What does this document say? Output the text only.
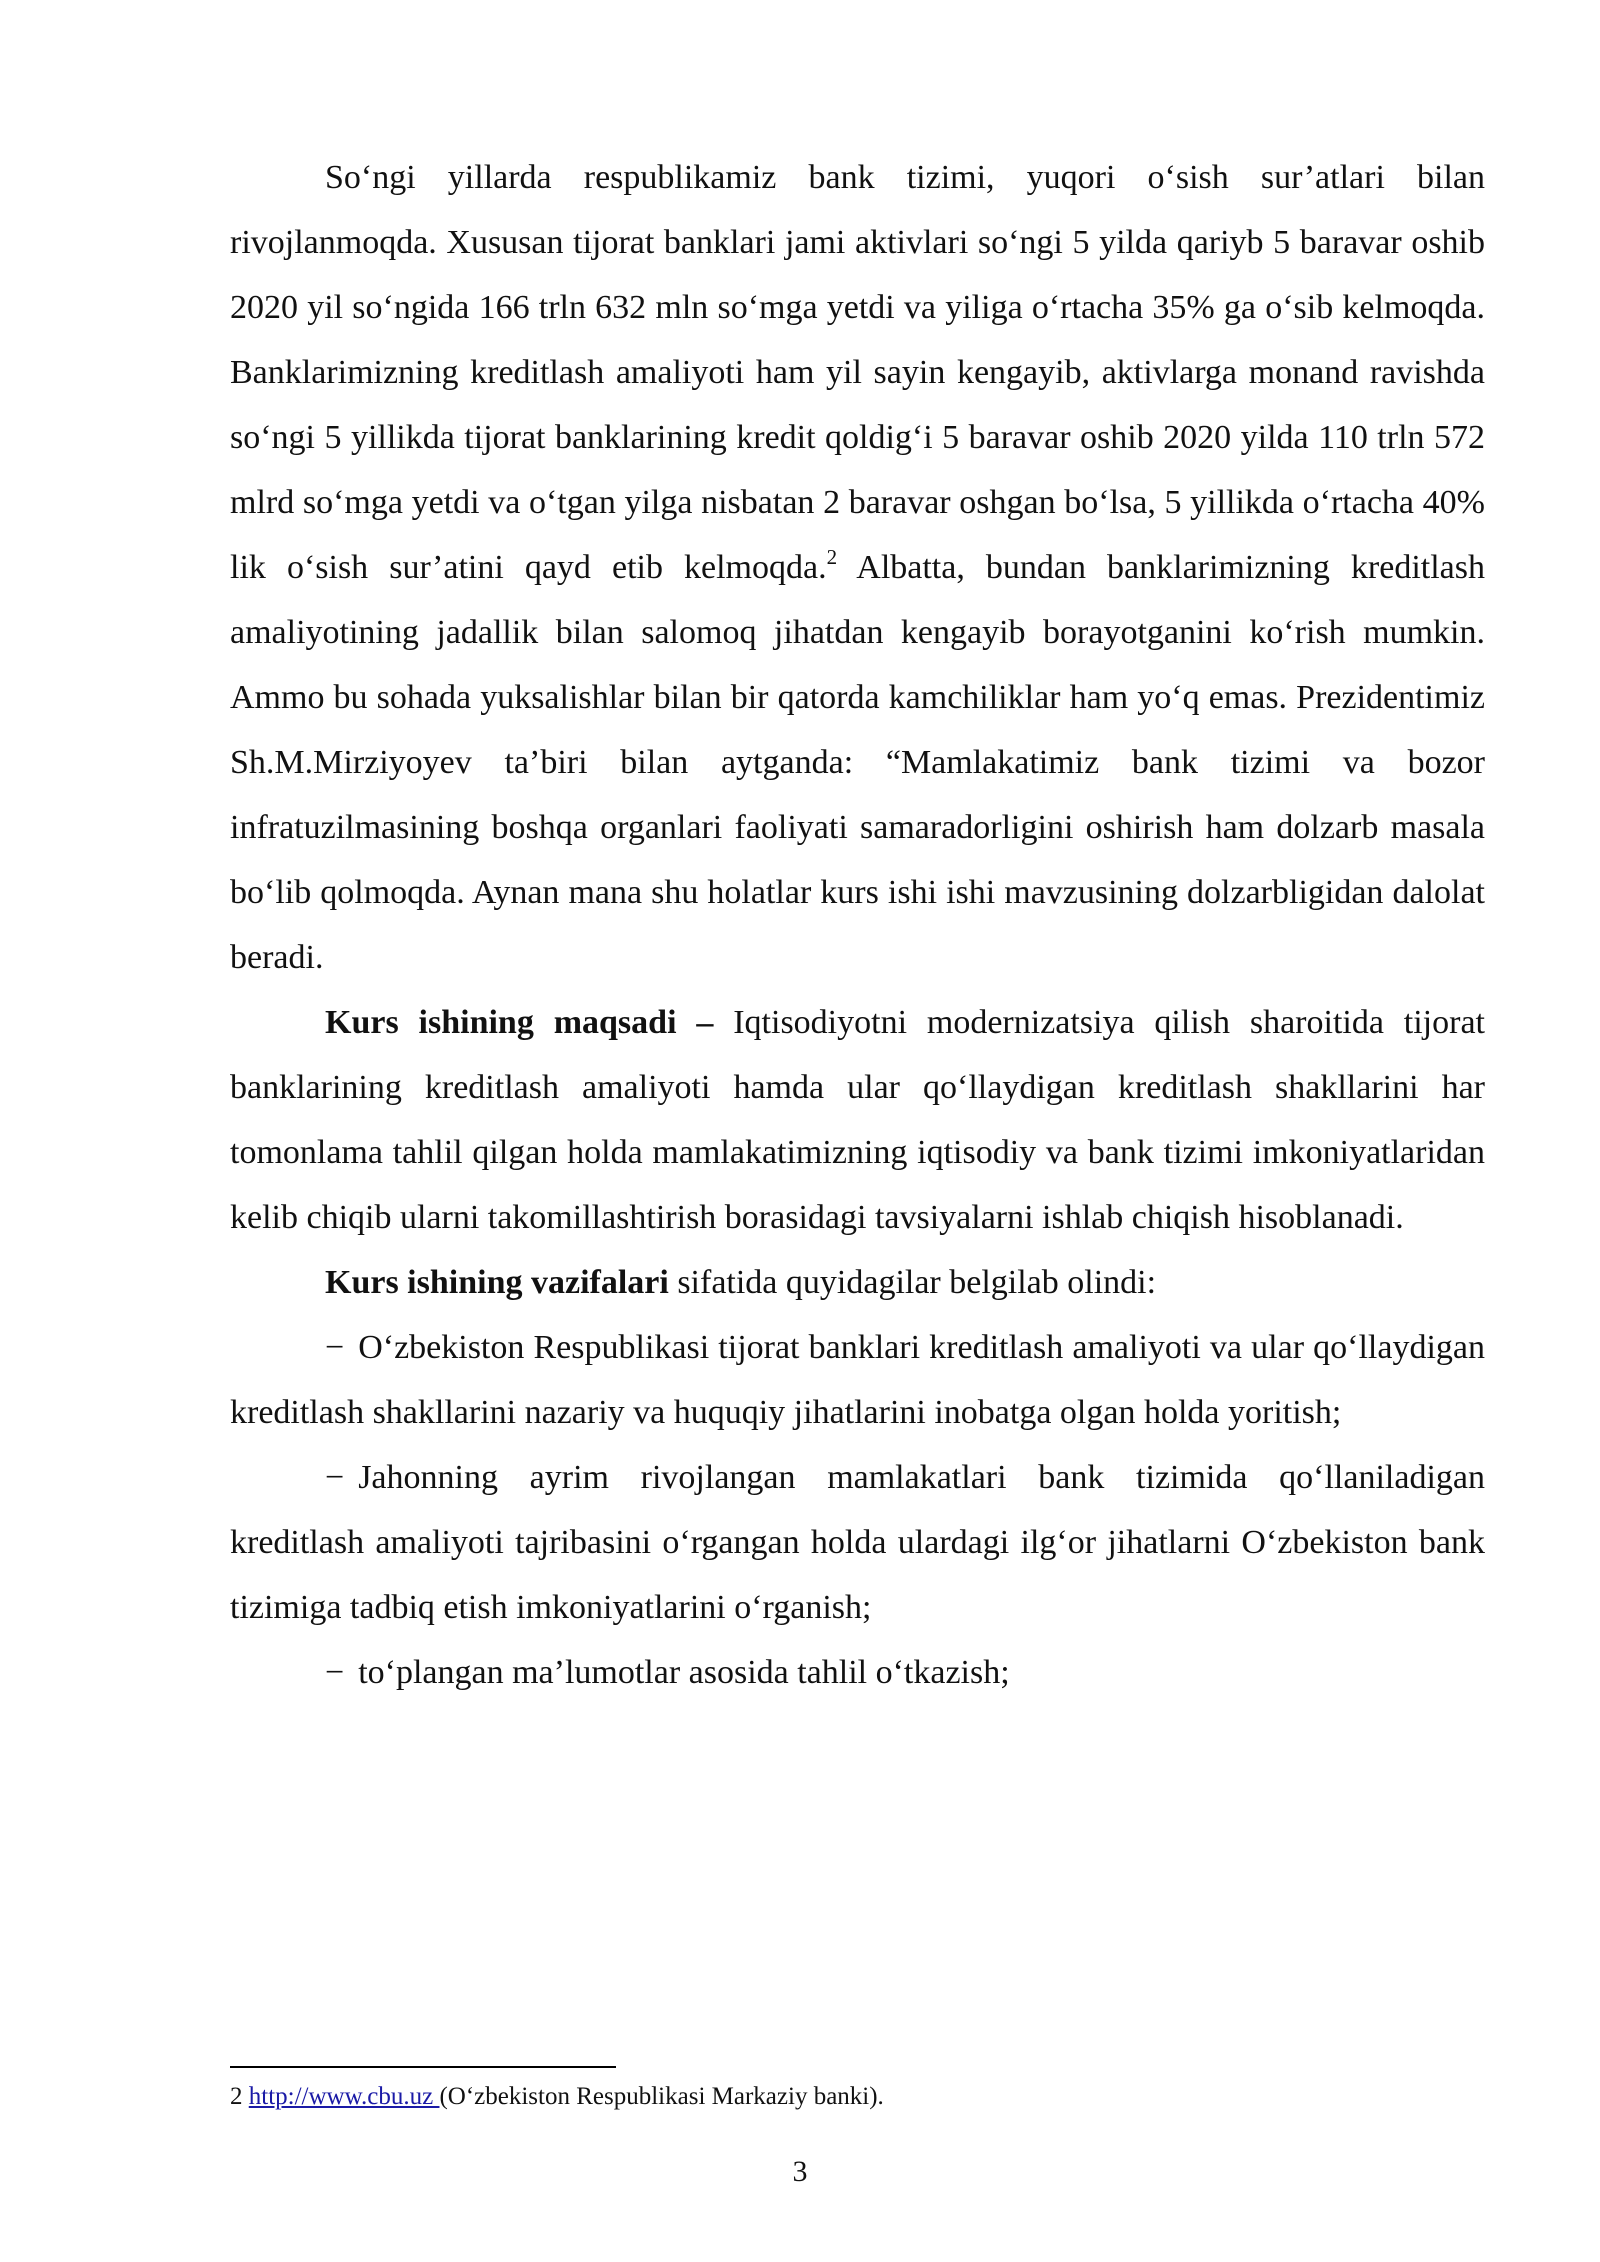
So‘ngi yillarda respublikamiz bank tizimi, yuqori o‘sish sur’atlari bilan rivojlanmoqda. Xususan tijorat banklari jami aktivlari so‘ngi 5 yilda qariyb 5 baravar oshib 2020 yil so‘ngida 166 trln 632 mln so‘mga yetdi va yiliga o‘rtacha 35% ga o‘sib kelmoqda. Banklarimizning kreditlash amaliyoti ham yil sayin kengayib, aktivlarga monand ravishda so‘ngi 5 yillikda tijorat banklarining kredit qoldig‘i 5 baravar oshib 2020 yilda 110 trln 572 mlrd so‘mga yetdi va o‘tgan yilga nisbatan 2 baravar oshgan bo‘lsa, 5 yillikda o‘rtacha 40% lik o‘sish sur’atini qayd etib kelmoqda.$^2$ Albatta, bundan banklarimizning kreditlash amaliyotining jadallik bilan salomoq jihatdan kengayib borayotganini ko‘rish mumkin. Ammo bu sohada yuksalishlar bilan bir qatorda kamchiliklar ham yo‘q emas. Prezidentimiz Sh.M.Mirziyoyev ta’biri bilan aytganda: “Mamlakatimiz bank tizimi va bozor infratuzilmasining boshqa organlari faoliyati samaradorligini oshirish ham dolzarb masala bo‘lib qolmoqda. Aynan mana shu holatlar kurs ishi ishi mavzusining dolzarbligidan dalolat beradi.

Kurs ishining maqsadi – Iqtisodiyotni modernizatsiya qilish sharoitida tijorat banklarining kreditlash amaliyoti hamda ular qo‘llaydigan kreditlash shakllarini har tomonlama tahlil qilgan holda mamlakatimizning iqtisodiy va bank tizimi imkoniyatlaridan kelib chiqib ularni takomillashtirish borasidagi tavsiyalarni ishlab chiqish hisoblanadi.

Kurs ishining vazifalari sifatida quyidagilar belgilab olindi:

− O‘zbekiston Respublikasi tijorat banklari kreditlash amaliyoti va ular qo‘llaydigan kreditlash shakllarini nazariy va huquqiy jihatlarini inobatga olgan holda yoritish;

− Jahonning ayrim rivojlangan mamlakatlari bank tizimida qo‘llaniladigan kreditlash amaliyoti tajribasini o‘rgangan holda ulardagi ilg‘or jihatlarni O‘zbekiston bank tizimiga tadbiq etish imkoniyatlarini o‘rganish;

− to‘plangan ma’lumotlar asosida tahlil o‘tkazish;

2 http://www.cbu.uz (O‘zbekiston Respublikasi Markaziy banki).
3
